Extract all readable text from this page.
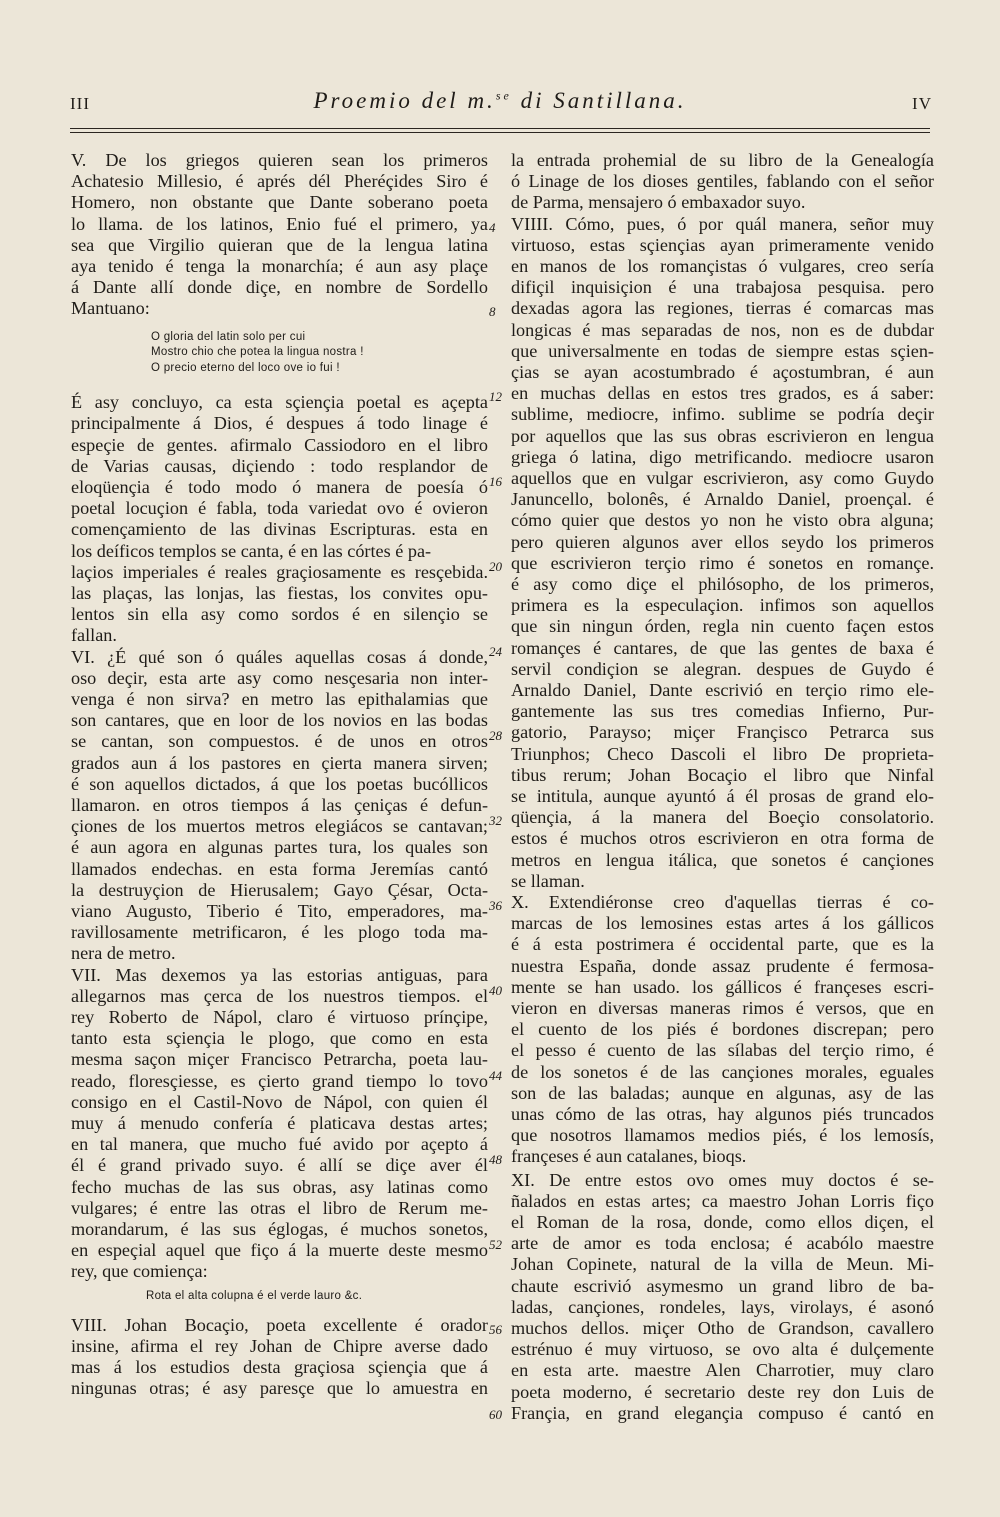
III	Proemio del m.$^{se}$ di Santillana.	IV
V. De los griegos quieren sean los primeros
Achatesio Millesio, é aprés dél Pheréçides Siro é
Homero, non obstante que Dante soberano poeta
lo llama. de los latinos, Enio fué el primero, ya
sea que Virgilio quieran que de la lengua latina
aya tenido é tenga la monarchía; é aun asy plaçe
á Dante allí donde diçe, en nombre de Sordello
Mantuano:
O gloria del latin solo per cui
Mostro chio che potea la lingua nostra !
O precio eterno del loco ove io fui !
É asy concluyo, ca esta sçiençia poetal es açepta
principalmente á Dios, é despues á todo linage é
espeçie de gentes. afirmalo Cassiodoro en el libro
de Varias causas, diçiendo : todo resplandor de
eloqüençia é todo modo ó manera de poesía ó
poetal locuçion é fabla, toda variedat ovo é ovieron
començamiento de las divinas Escripturas. esta en
los deíficos templos se canta, é en las córtes é pa-
laçios imperiales é reales graçiosamente es resçebida.
las plaças, las lonjas, las fiestas, los convites opu-
lentos sin ella asy como sordos é en silençio se
fallan.
VI. ¿É qué son ó quáles aquellas cosas á donde,
oso deçir, esta arte asy como nesçesaria non inter-
venga é non sirva? en metro las epithalamias que
son cantares, que en loor de los novios en las bodas
se cantan, son compuestos. é de unos en otros
grados aun á los pastores en çierta manera sirven;
é son aquellos dictados, á que los poetas bucóllicos
llamaron. en otros tiempos á las çeniças é defun-
çiones de los muertos metros elegiácos se cantavan;
é aun agora en algunas partes tura, los quales son
llamados endechas. en esta forma Jeremías cantó
la destruyçion de Hierusalem; Gayo Çésar, Octa-
viano Augusto, Tiberio é Tito, emperadores, ma-
ravillosamente metrificaron, é les plogo toda ma-
nera de metro.
VII. Mas dexemos ya las estorias antiguas, para
allegarnos mas çerca de los nuestros tiempos. el
rey Roberto de Nápol, claro é virtuoso prínçipe,
tanto esta sçiençia le plogo, que como en esta
mesma saçon miçer Francisco Petrarcha, poeta lau-
reado, floresçiesse, es çierto grand tiempo lo tovo
consigo en el Castil-Novo de Nápol, con quien él
muy á menudo confería é platicava destas artes;
en tal manera, que mucho fué avido por açepto á
él é grand privado suyo. é allí se diçe aver él
fecho muchas de las sus obras, asy latinas como
vulgares; é entre las otras el libro de Rerum me-
morandarum, é las sus églogas, é muchos sonetos,
en espeçial aquel que fiço á la muerte deste mesmo
rey, que comiença:
Rota el alta colupna é el verde lauro &c.
VIII. Johan Bocaçio, poeta excellente é orador
insine, afirma el rey Johan de Chipre averse dado
mas á los estudios desta graçiosa sçiençia que á
ningunas otras; é asy paresçe que lo amuestra en
la entrada prohemial de su libro de la Genealogía
ó Linage de los dioses gentiles, fablando con el señor
de Parma, mensajero ó embaxador suyo.
VIIII. Cómo, pues, ó por quál manera, señor muy
virtuoso, estas sçiençias ayan primeramente venido
en manos de los romançistas ó vulgares, creo sería
difiçil inquisiçion é una trabajosa pesquisa. pero
dexadas agora las regiones, tierras é comarcas mas
longicas é mas separadas de nos, non es de dubdar
que universalmente en todas de siempre estas sçien-
çias se ayan acostumbrado é açostumbran, é aun
en muchas dellas en estos tres grados, es á saber:
sublime, mediocre, infimo. sublime se podría deçir
por aquellos que las sus obras escrivieron en lengua
griega ó latina, digo metrificando. mediocre usaron
aquellos que en vulgar escrivieron, asy como Guydo
Januncello, bolonês, é Arnaldo Daniel, proençal. é
cómo quier que destos yo non he visto obra alguna;
pero quieren algunos aver ellos seydo los primeros
que escrivieron terçio rimo é sonetos en romançe.
é asy como diçe el philósopho, de los primeros,
primera es la especulaçion. infimos son aquellos
que sin ningun órden, regla nin cuento façen estos
romançes é cantares, de que las gentes de baxa é
servil condiçion se alegran. despues de Guydo é
Arnaldo Daniel, Dante escrivió en terçio rimo ele-
gantemente las sus tres comedias Infierno, Pur-
gatorio, Parayso; miçer Françisco Petrarca sus
Triunphos; Checo Dascoli el libro De proprieta-
tibus rerum; Johan Bocaçio el libro que Ninfal
se intitula, aunque ayuntó á él prosas de grand elo-
qüençia, á la manera del Boeçio consolatorio.
estos é muchos otros escrivieron en otra forma de
metros en lengua itálica, que sonetos é cançiones
se llaman.
X. Extendiéronse creo d'aquellas tierras é co-
marcas de los lemosines estas artes á los gállicos
é á esta postrimera é occidental parte, que es la
nuestra España, donde assaz prudente é fermosa-
mente se han usado. los gállicos é françeses escri-
vieron en diversas maneras rimos é versos, que en
el cuento de los piés é bordones discrepan; pero
el pesso é cuento de las sílabas del terçio rimo, é
de los sonetos é de las cançiones morales, eguales
son de las baladas; aunque en algunas, asy de las
unas cómo de las otras, hay algunos piés truncados
que nosotros llamamos medios piés, é los lemosís,
françeses é aun catalanes, bioqs.
XI. De entre estos ovo omes muy doctos é se-
ñalados en estas artes; ca maestro Johan Lorris fiço
el Roman de la rosa, donde, como ellos diçen, el
arte de amor es toda enclosa; é acabólo maestre
Johan Copinete, natural de la villa de Meun. Mi-
chaute escrivió asymesmo un grand libro de ba-
ladas, cançiones, rondeles, lays, virolays, é asonó
muchos dellos. miçer Otho de Grandson, cavallero
estrénuo é muy virtuoso, se ovo alta é dulçemente
en esta arte. maestre Alen Charrotier, muy claro
poeta moderno, é secretario deste rey don Luis de
Françia, en grand elegançia compuso é cantó en
4
8
12
16
20
24
28
32
36
40
44
48
52
56
60
